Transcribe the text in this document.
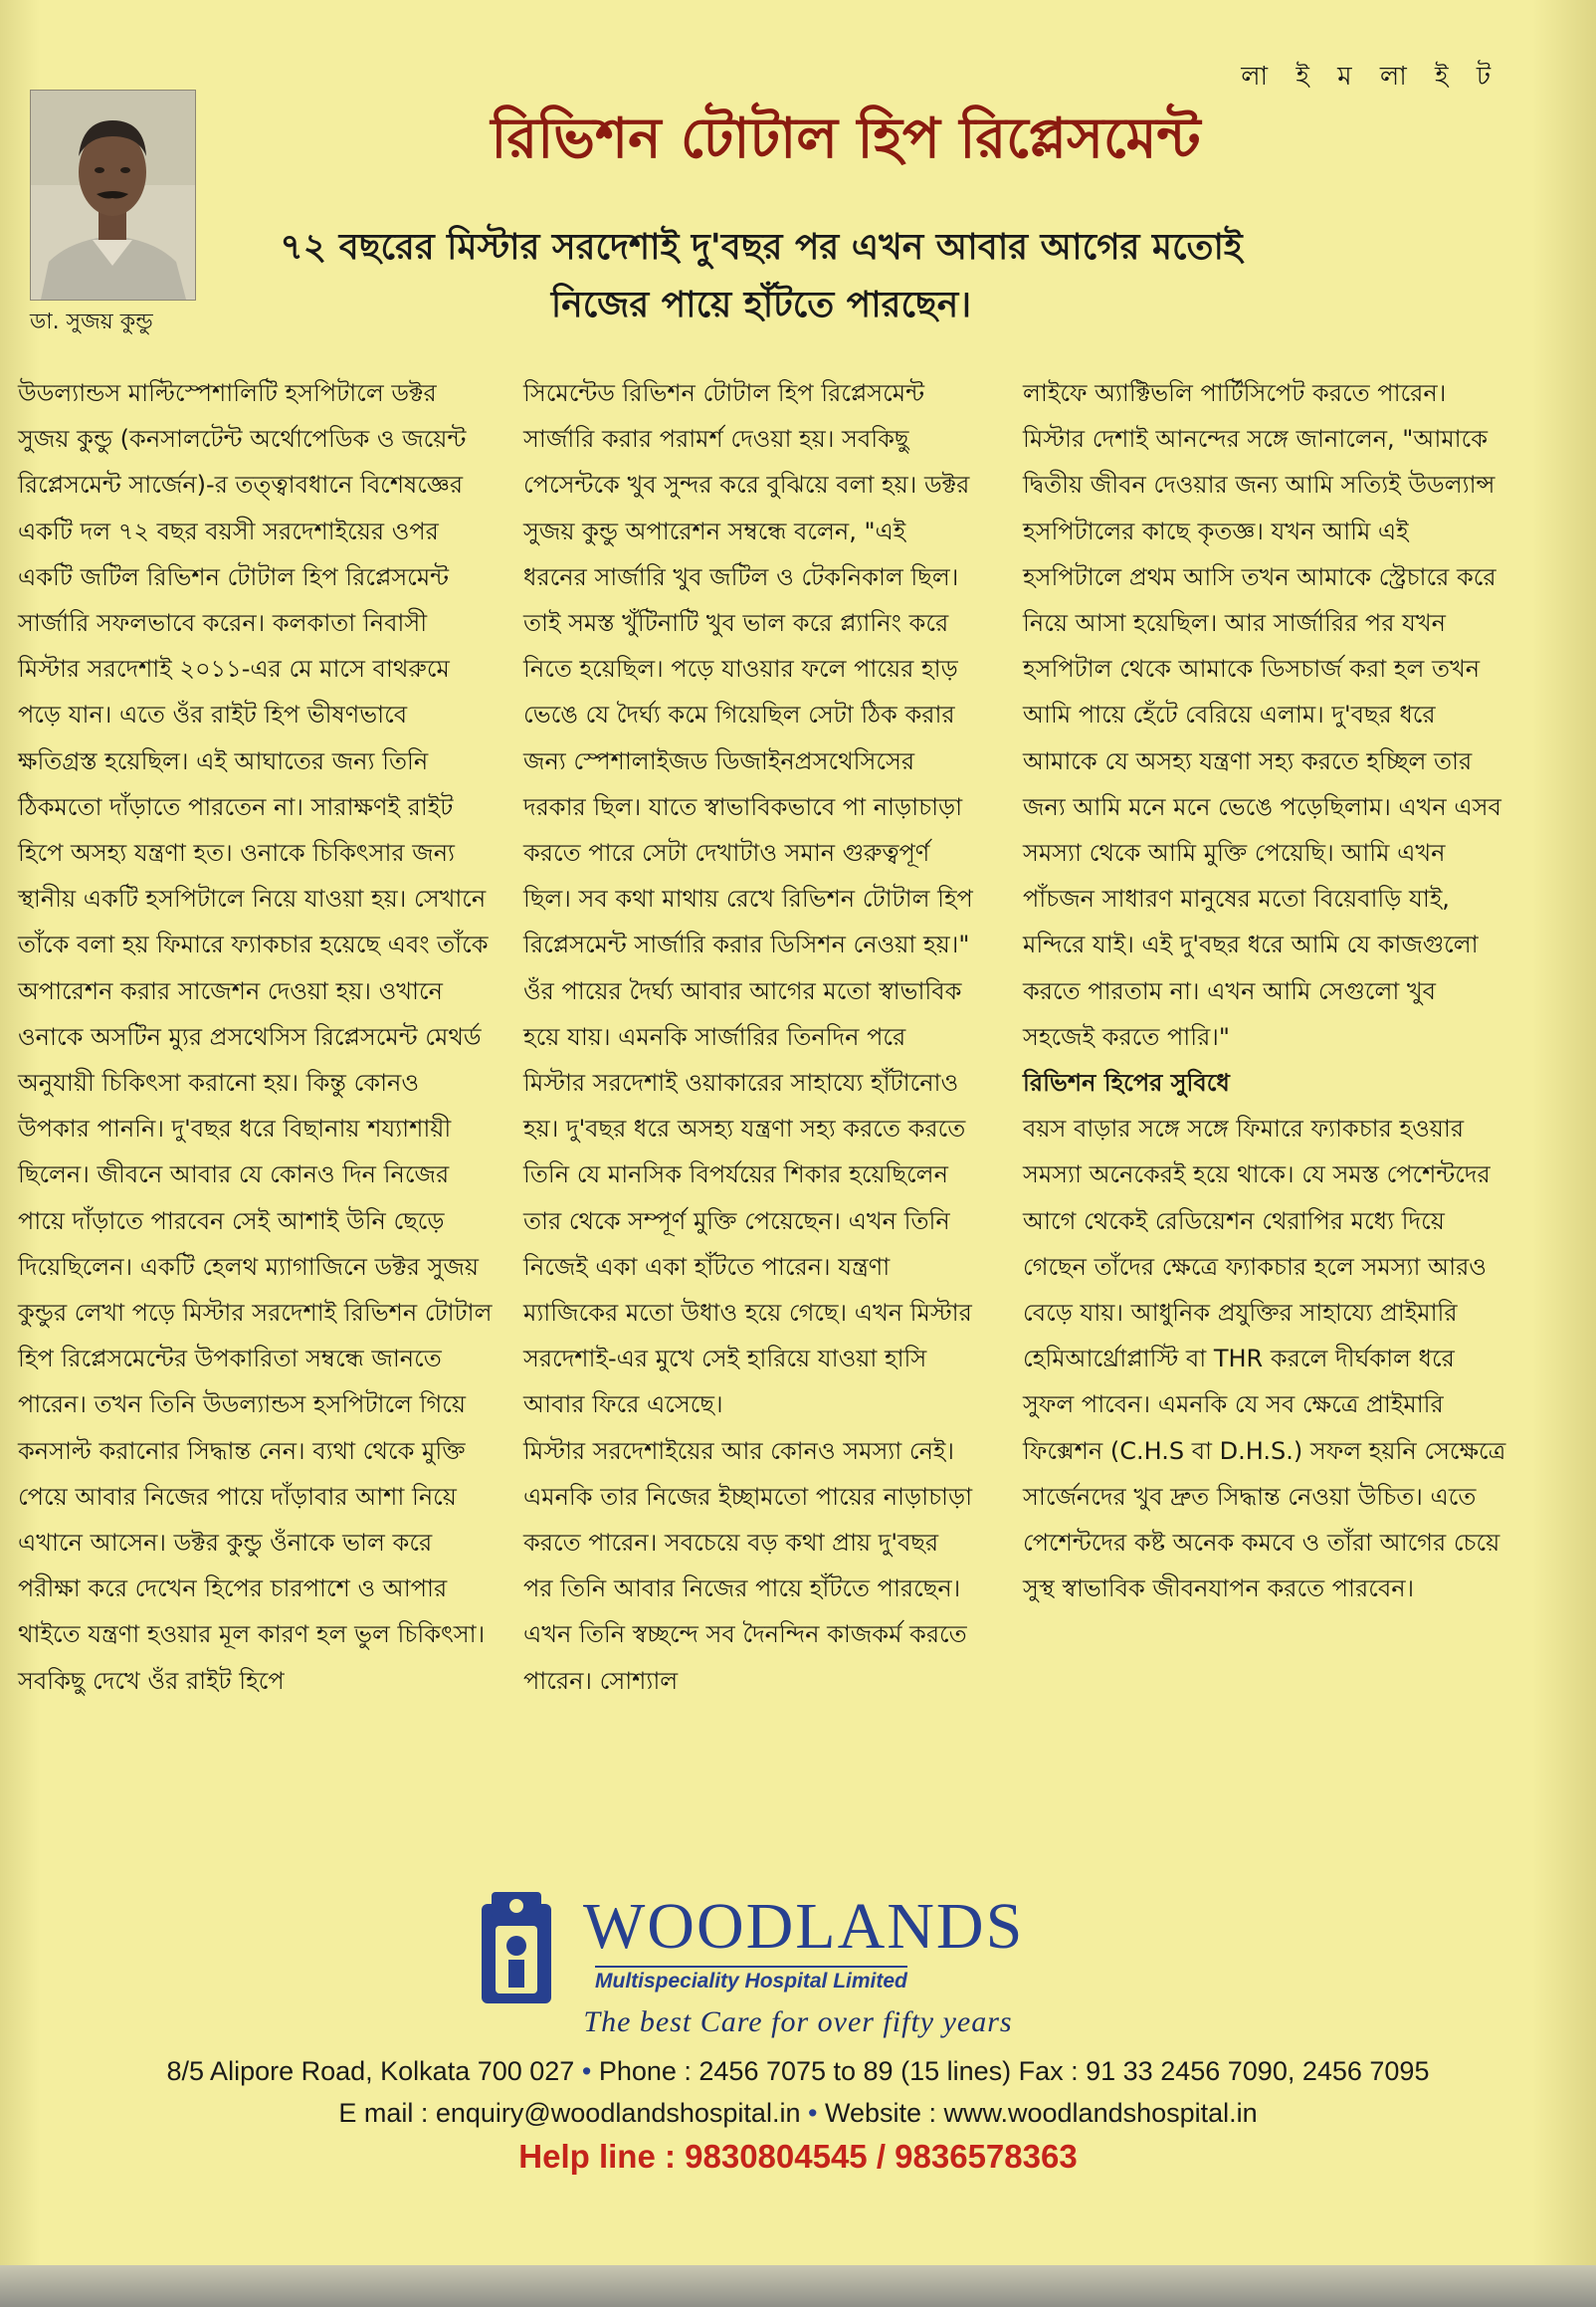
লা ই ম লা ই ট
ডা. সুজয় কুন্ডু
রিভিশন টোটাল হিপ রিপ্লেসমেন্ট
৭২ বছরের মিস্টার সরদেশাই দু'বছর পর এখন আবার আগের মতোই নিজের পায়ে হাঁটতে পারছেন।

উডল্যান্ডস মাল্টিস্পেশালিটি হসপিটালে ডক্টর সুজয় কুন্ডু (কনসালটেন্ট অর্থোপেডিক ও জয়েন্ট রিপ্লেসমেন্ট সার্জেন)-র তত্ত্বাবধানে বিশেষজ্ঞের একটি দল ৭২ বছর বয়সী সরদেশাইয়ের ওপর একটি জটিল রিভিশন টোটাল হিপ রিপ্লেসমেন্ট সার্জারি সফলভাবে করেন। কলকাতা নিবাসী মিস্টার সরদেশাই ২০১১-এর মে মাসে বাথরুমে পড়ে যান। এতে ওঁর রাইট হিপ ভীষণভাবে ক্ষতিগ্রস্ত হয়েছিল। এই আঘাতের জন্য তিনি ঠিকমতো দাঁড়াতে পারতেন না। সারাক্ষণই রাইট হিপে অসহ্য যন্ত্রণা হত। ওনাকে চিকিৎসার জন্য স্থানীয় একটি হসপিটালে নিয়ে যাওয়া হয়। সেখানে তাঁকে বলা হয় ফিমারে ফ্যাকচার হয়েছে এবং তাঁকে অপারেশন করার সাজেশন দেওয়া হয়। ওখানে ওনাকে অসটিন ম্যুর প্রসথেসিস রিপ্লেসমেন্ট মেথর্ড অনুযায়ী চিকিৎসা করানো হয়। কিন্তু কোনও উপকার পাননি। দু'বছর ধরে বিছানায় শয্যাশায়ী ছিলেন। জীবনে আবার যে কোনও দিন নিজের পায়ে দাঁড়াতে পারবেন সেই আশাই উনি ছেড়ে দিয়েছিলেন। একটি হেলথ ম্যাগাজিনে ডক্টর সুজয় কুন্ডুর লেখা পড়ে মিস্টার সরদেশাই রিভিশন টোটাল হিপ রিপ্লেসমেন্টের উপকারিতা সম্বন্ধে জানতে পারেন। তখন তিনি উডল্যান্ডস হসপিটালে গিয়ে কনসাল্ট করানোর সিদ্ধান্ত নেন। ব্যথা থেকে মুক্তি পেয়ে আবার নিজের পায়ে দাঁড়াবার আশা নিয়ে এখানে আসেন। ডক্টর কুন্ডু ওঁনাকে ভাল করে পরীক্ষা করে দেখেন হিপের চারপাশে ও আপার থাইতে যন্ত্রণা হওয়ার মূল কারণ হল ভুল চিকিৎসা। সবকিছু দেখে ওঁর রাইট হিপে

সিমেন্টেড রিভিশন টোটাল হিপ রিপ্লেসমেন্ট সার্জারি করার পরামর্শ দেওয়া হয়। সবকিছু পেসেন্টকে খুব সুন্দর করে বুঝিয়ে বলা হয়। ডক্টর সুজয় কুন্ডু অপারেশন সম্বন্ধে বলেন, "এই ধরনের সার্জারি খুব জটিল ও টেকনিকাল ছিল। তাই সমস্ত খুঁটিনাটি খুব ভাল করে প্ল্যানিং করে নিতে হয়েছিল। পড়ে যাওয়ার ফলে পায়ের হাড় ভেঙে যে দৈর্ঘ্য কমে গিয়েছিল সেটা ঠিক করার জন্য স্পেশালাইজড ডিজাইনপ্রসথেসিসের দরকার ছিল। যাতে স্বাভাবিকভাবে পা নাড়াচাড়া করতে পারে সেটা দেখাটাও সমান গুরুত্বপূর্ণ ছিল। সব কথা মাথায় রেখে রিভিশন টোটাল হিপ রিপ্লেসমেন্ট সার্জারি করার ডিসিশন নেওয়া হয়।"

ওঁর পায়ের দৈর্ঘ্য আবার আগের মতো স্বাভাবিক হয়ে যায়। এমনকি সার্জারির তিনদিন পরে মিস্টার সরদেশাই ওয়াকারের সাহায্যে হাঁটানোও হয়। দু'বছর ধরে অসহ্য যন্ত্রণা সহ্য করতে করতে তিনি যে মানসিক বিপর্যয়ের শিকার হয়েছিলেন তার থেকে সম্পূর্ণ মুক্তি পেয়েছেন। এখন তিনি নিজেই একা একা হাঁটতে পারেন। যন্ত্রণা ম্যাজিকের মতো উধাও হয়ে গেছে। এখন মিস্টার সরদেশাই-এর মুখে সেই হারিয়ে যাওয়া হাসি আবার ফিরে এসেছে।

মিস্টার সরদেশাইয়ের আর কোনও সমস্যা নেই। এমনকি তার নিজের ইচ্ছামতো পায়ের নাড়াচাড়া করতে পারেন। সবচেয়ে বড় কথা প্রায় দু'বছর পর তিনি আবার নিজের পায়ে হাঁটতে পারছেন। এখন তিনি স্বচ্ছন্দে সব দৈনন্দিন কাজকর্ম করতে পারেন। সোশ্যাল

লাইফে অ্যাক্টিভলি পার্টিসিপেট করতে পারেন। মিস্টার দেশাই আনন্দের সঙ্গে জানালেন, "আমাকে দ্বিতীয় জীবন দেওয়ার জন্য আমি সত্যিই উডল্যান্স হসপিটালের কাছে কৃতজ্ঞ। যখন আমি এই হসপিটালে প্রথম আসি তখন আমাকে স্ট্রেচারে করে নিয়ে আসা হয়েছিল। আর সার্জারির পর যখন হসপিটাল থেকে আমাকে ডিসচার্জ করা হল তখন আমি পায়ে হেঁটে বেরিয়ে এলাম। দু'বছর ধরে আমাকে যে অসহ্য যন্ত্রণা সহ্য করতে হচ্ছিল তার জন্য আমি মনে মনে ভেঙে পড়েছিলাম। এখন এসব সমস্যা থেকে আমি মুক্তি পেয়েছি। আমি এখন পাঁচজন সাধারণ মানুষের মতো বিয়েবাড়ি যাই, মন্দিরে যাই। এই দু'বছর ধরে আমি যে কাজগুলো করতে পারতাম না। এখন আমি সেগুলো খুব সহজেই করতে পারি।"

রিভিশন হিপের সুবিধে

বয়স বাড়ার সঙ্গে সঙ্গে ফিমারে ফ্যাকচার হওয়ার সমস্যা অনেকেরই হয়ে থাকে। যে সমস্ত পেশেন্টদের আগে থেকেই রেডিয়েশন থেরাপির মধ্যে দিয়ে গেছেন তাঁদের ক্ষেত্রে ফ্যাকচার হলে সমস্যা আরও বেড়ে যায়। আধুনিক প্রযুক্তির সাহায্যে প্রাইমারি হেমিআর্থ্রোপ্লাস্টি বা THR করলে দীর্ঘকাল ধরে সুফল পাবেন। এমনকি যে সব ক্ষেত্রে প্রাইমারি ফিক্সেশন (C.H.S বা D.H.S.) সফল হয়নি সেক্ষেত্রে সার্জেনদের খুব দ্রুত সিদ্ধান্ত নেওয়া উচিত। এতে পেশেন্টদের কষ্ট অনেক কমবে ও তাঁরা আগের চেয়ে সুস্থ স্বাভাবিক জীবনযাপন করতে পারবেন।

WOODLANDS
Multispeciality Hospital Limited
The best Care for over fifty years
8/5 Alipore Road, Kolkata 700 027 • Phone : 2456 7075 to 89 (15 lines) Fax : 91 33 2456 7090, 2456 7095
E mail : enquiry@woodlandshospital.in • Website : www.woodlandshospital.in
Help line : 9830804545 / 9836578363
